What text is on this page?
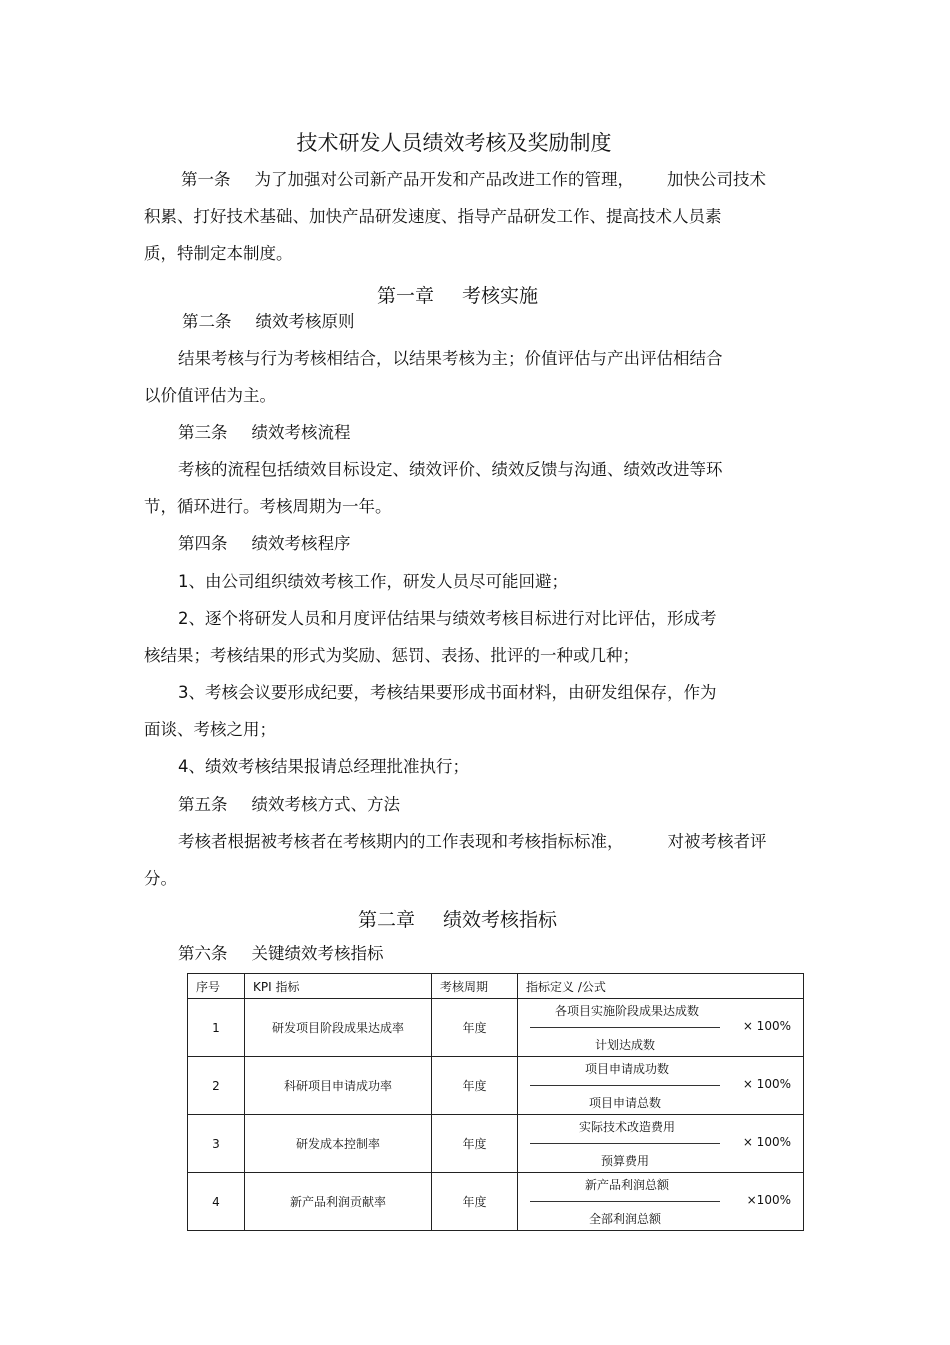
技术研发人员绩效考核及奖励制度
第一条 为了加强对公司新产品开发和产品改进工作的管理， 加快公司技术
积累、打好技术基础、加快产品研发速度、指导产品研发工作、提高技术人员素
质，特制定本制度。
第一章 考核实施
第二条 绩效考核原则
结果考核与行为考核相结合，以结果考核为主；价值评估与产出评估相结合
以价值评估为主。
第三条 绩效考核流程
考核的流程包括绩效目标设定、绩效评价、绩效反馈与沟通、绩效改进等环
节，循环进行。考核周期为一年。
第四条 绩效考核程序
1、由公司组织绩效考核工作，研发人员尽可能回避；
2、逐个将研发人员和月度评估结果与绩效考核目标进行对比评估，形成考
核结果；考核结果的形式为奖励、惩罚、表扬、批评的一种或几种；
3、考核会议要形成纪要，考核结果要形成书面材料，由研发组保存，作为
面谈、考核之用；
4、绩效考核结果报请总经理批准执行；
第五条 绩效考核方式、方法
考核者根据被考核者在考核期内的工作表现和考核指标标准，	对被考核者评
分。
第二章 绩效考核指标
第六条 关键绩效考核指标
序号	KPI 指标	考核周期	指标定义 /公式
1	研发项目阶段成果达成率	年度	各项目实施阶段成果达成数
计划达成数
× 100%

2	科研项目申请成功率	年度	项目申请成功数
项目申请总数
× 100%

3	研发成本控制率	年度	实际技术改造费用
预算费用
× 100%

4	新产品利润贡献率	年度	新产品利润总额
全部利润总额
×100%
